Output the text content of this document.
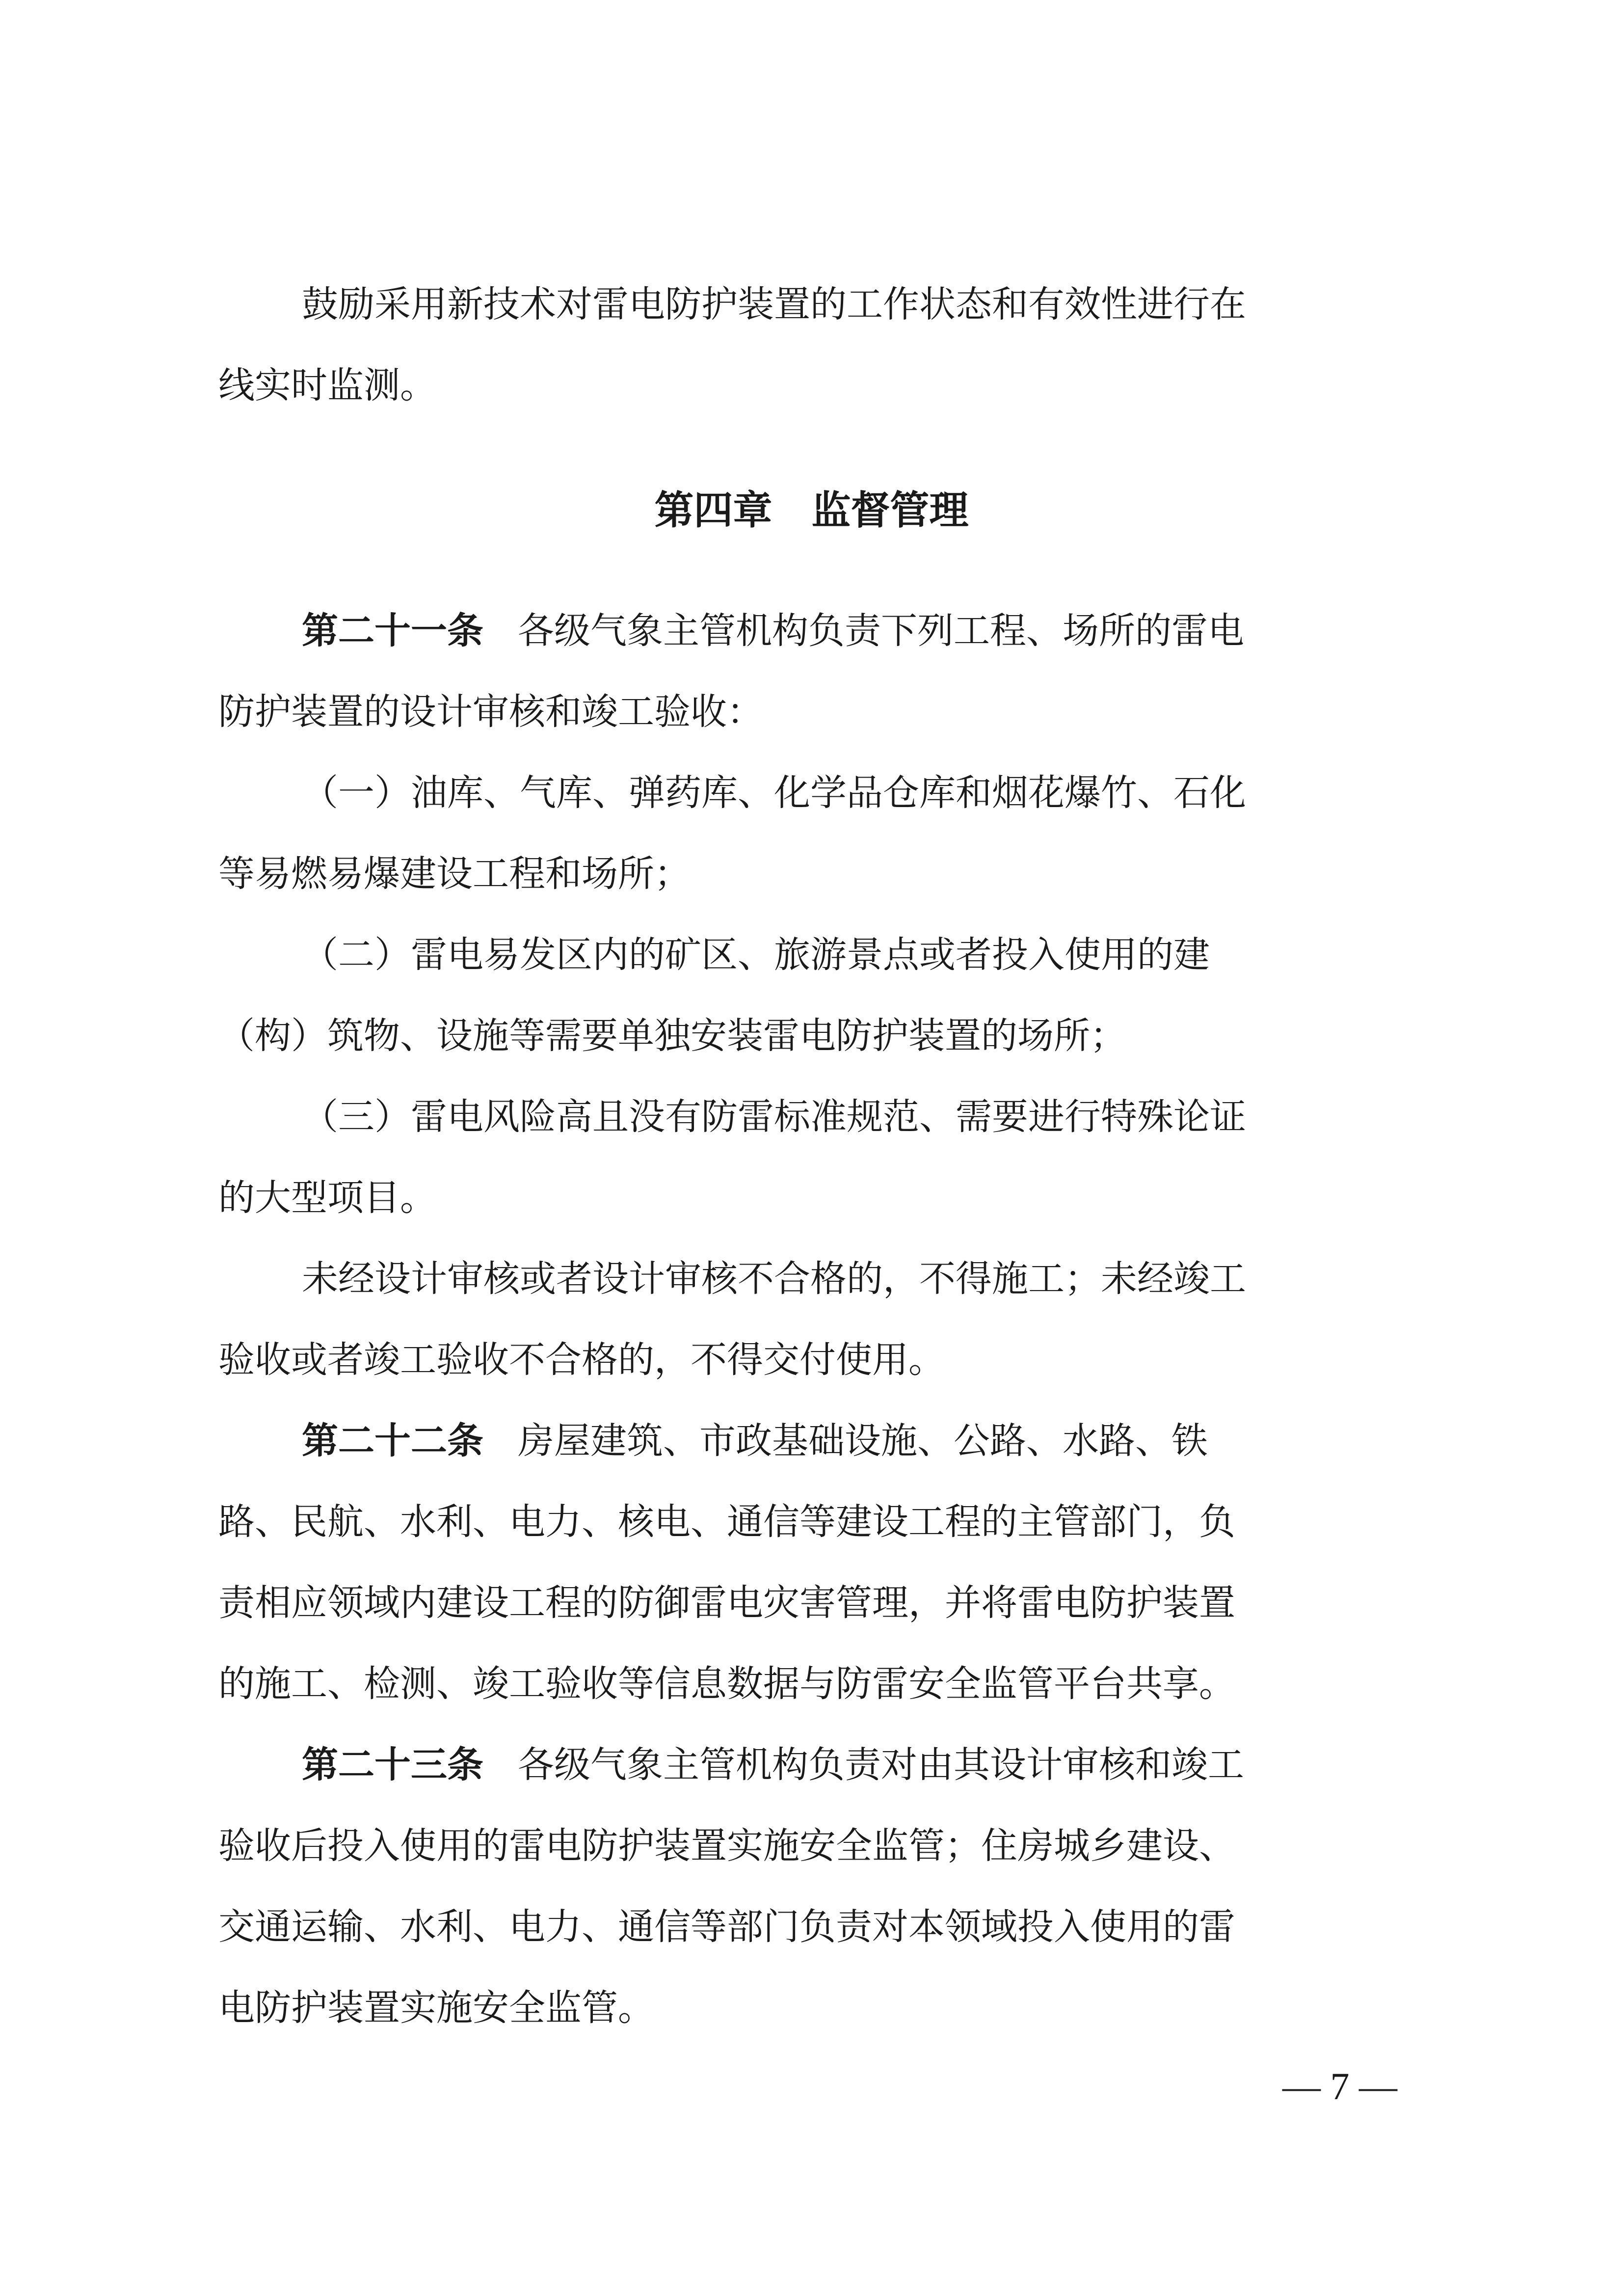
鼓励采用新技术对雷电防护装置的工作状态和有效性进行在
线实时监测。
第四章　监督管理
第二十一条 各级气象主管机构负责下列工程、场所的雷电
防护装置的设计审核和竣工验收：
（一）油库、气库、弹药库、化学品仓库和烟花爆竹、石化
等易燃易爆建设工程和场所；
（二）雷电易发区内的矿区、旅游景点或者投入使用的建
（构）筑物、设施等需要单独安装雷电防护装置的场所；
（三）雷电风险高且没有防雷标准规范、需要进行特殊论证
的大型项目。
未经设计审核或者设计审核不合格的，不得施工；未经竣工
验收或者竣工验收不合格的，不得交付使用。
第二十二条 房屋建筑、市政基础设施、公路、水路、铁
路、民航、水利、电力、核电、通信等建设工程的主管部门，负
责相应领域内建设工程的防御雷电灾害管理，并将雷电防护装置
的施工、检测、竣工验收等信息数据与防雷安全监管平台共享。
第二十三条 各级气象主管机构负责对由其设计审核和竣工
验收后投入使用的雷电防护装置实施安全监管；住房城乡建设、
交通运输、水利、电力、通信等部门负责对本领域投入使用的雷
电防护装置实施安全监管。
— 7 —
